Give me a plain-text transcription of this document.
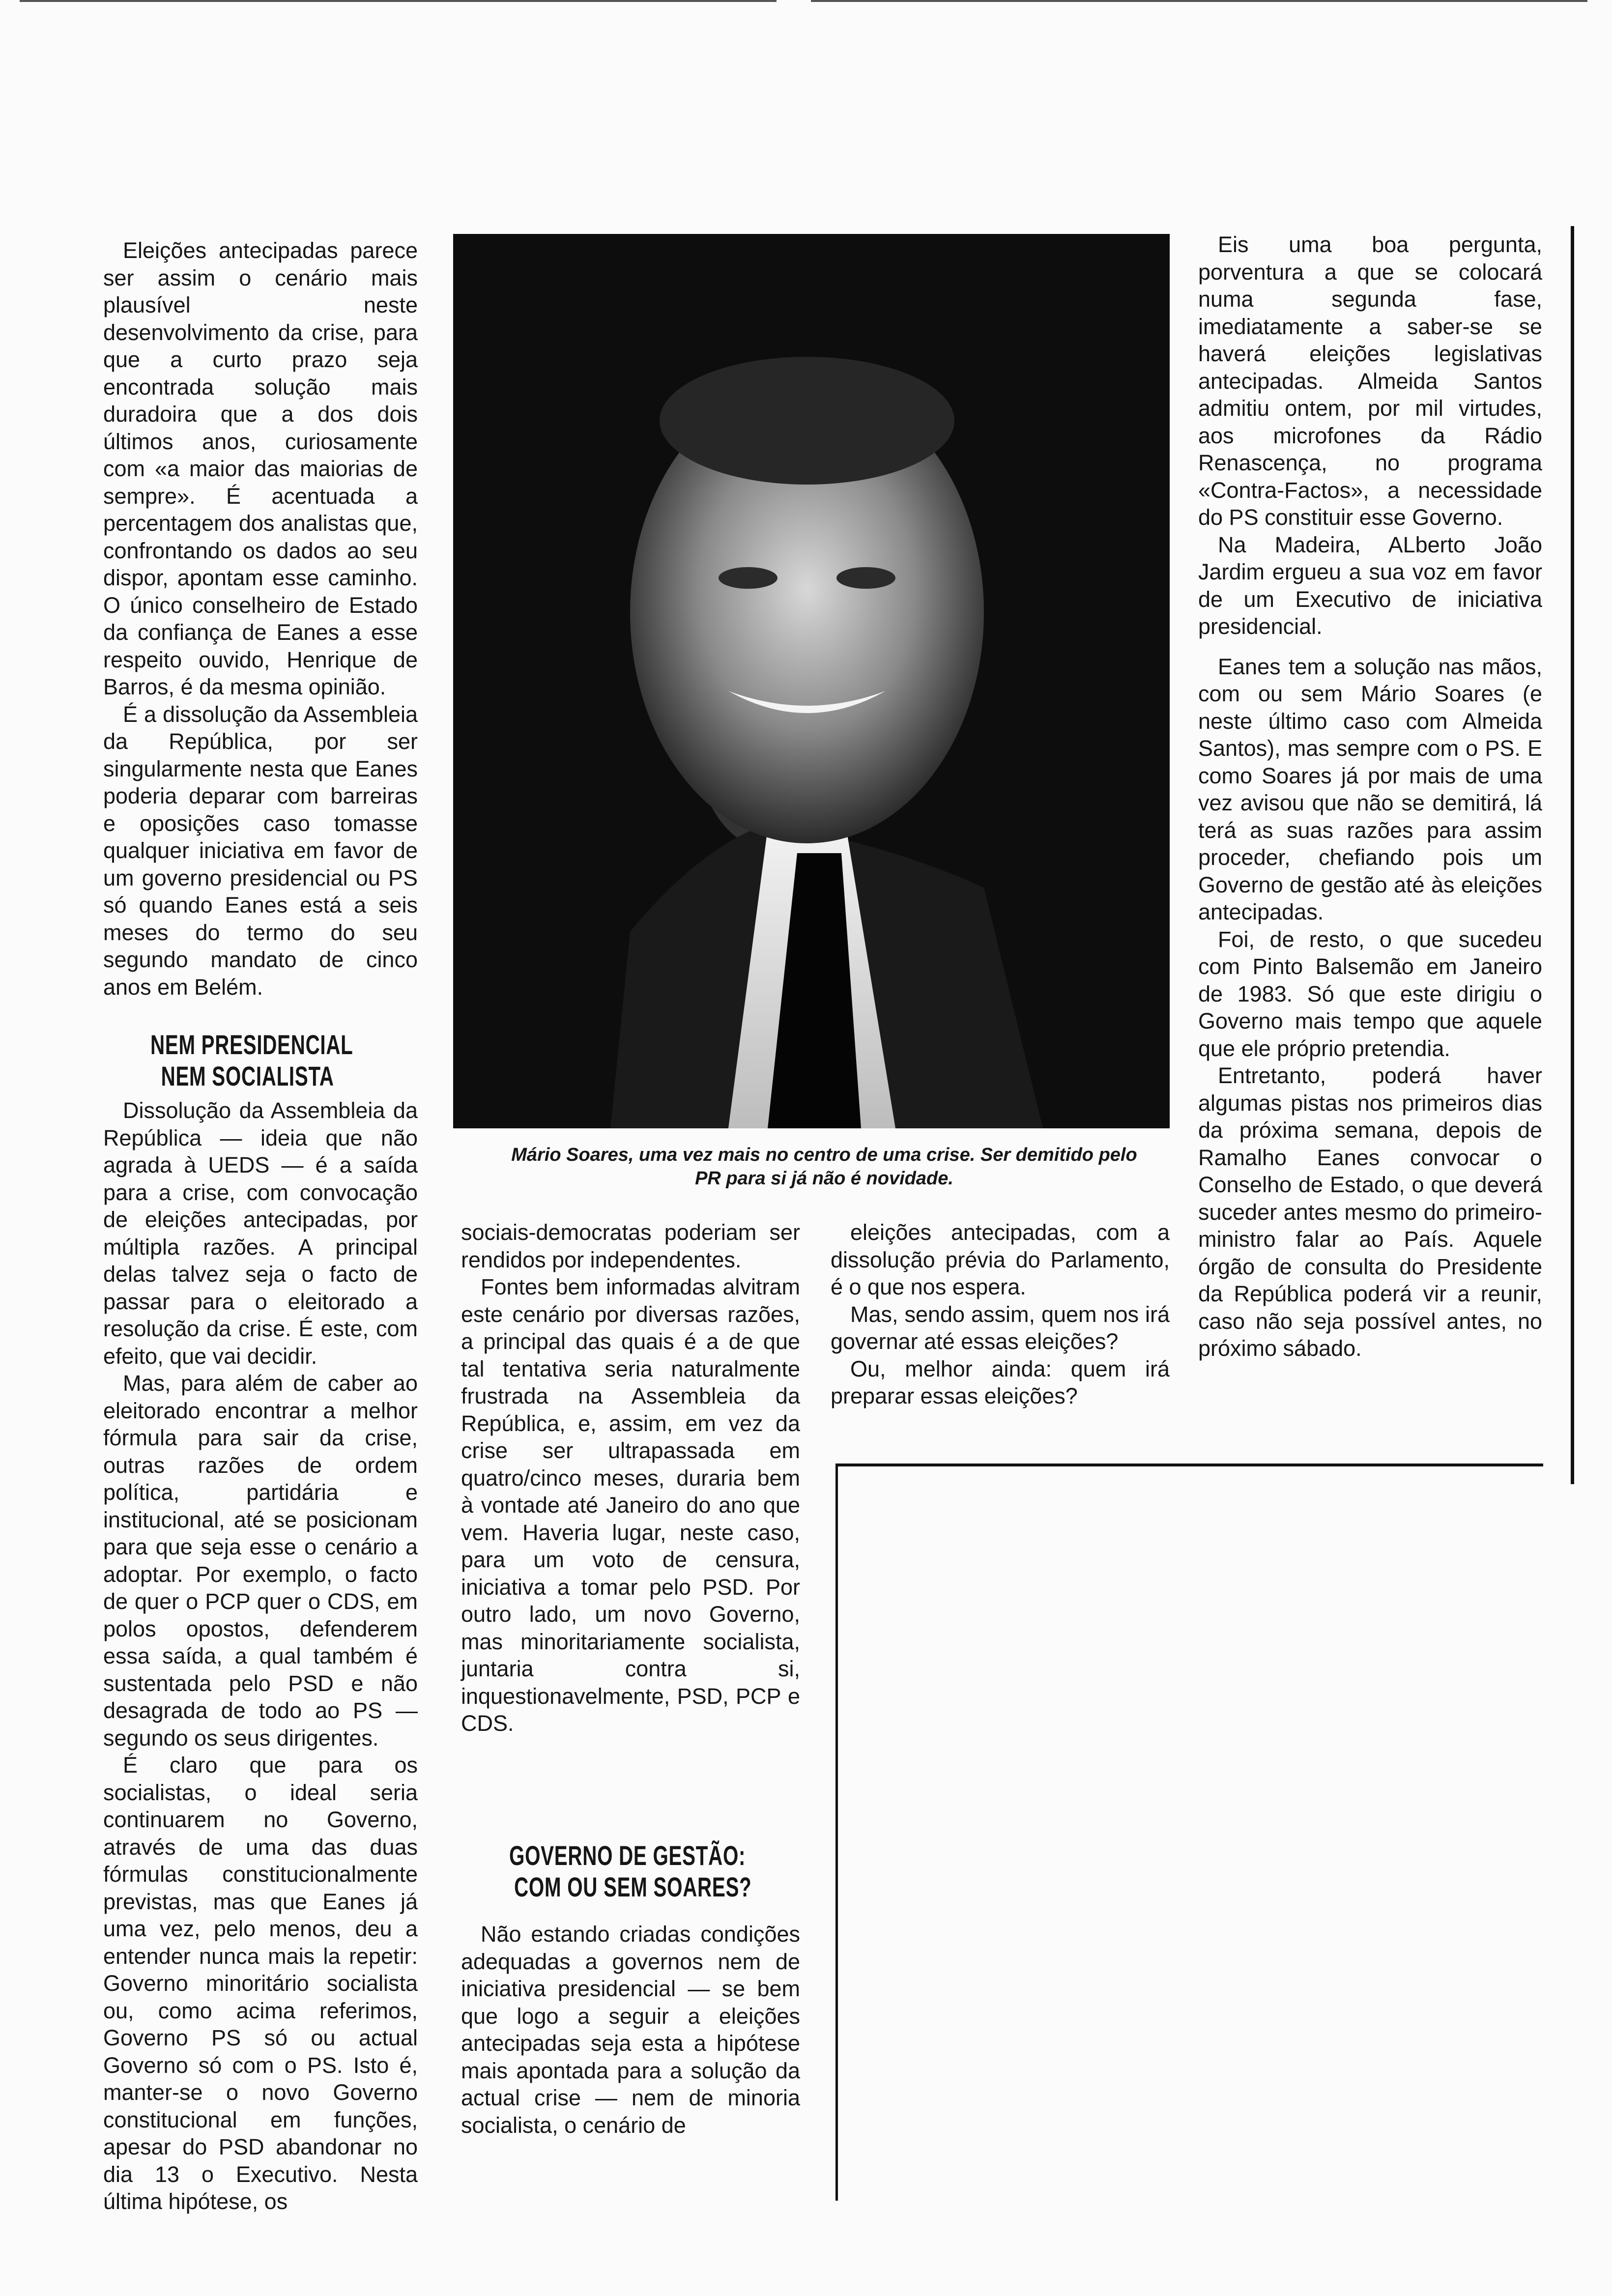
Eleições antecipadas parece ser assim o cenário mais plausível neste desenvolvimento da crise, para que a curto prazo seja encontrada solução mais duradoira que a dos dois últimos anos, curiosamente com «a maior das maiorias de sempre». É acentuada a percentagem dos analistas que, confrontando os dados ao seu dispor, apontam esse caminho. O único conselheiro de Estado da confiança de Eanes a esse respeito ouvido, Henrique de Barros, é da mesma opinião.

É a dissolução da Assembleia da República, por ser singularmente nesta que Eanes poderia deparar com barreiras e oposições caso tomasse qualquer iniciativa em favor de um governo presidencial ou PS só quando Eanes está a seis meses do termo do seu segundo mandato de cinco anos em Belém.

NEM PRESIDENCIAL
NEM SOCIALISTA

Dissolução da Assembleia da República — ideia que não agrada à UEDS — é a saída para a crise, com convocação de eleições antecipadas, por múltipla razões. A principal delas talvez seja o facto de passar para o eleitorado a resolução da crise. É este, com efeito, que vai decidir.

Mas, para além de caber ao eleitorado encontrar a melhor fórmula para sair da crise, outras razões de ordem política, partidária e institucional, até se posicionam para que seja esse o cenário a adoptar. Por exemplo, o facto de quer o PCP quer o CDS, em polos opostos, defenderem essa saída, a qual também é sustentada pelo PSD e não desagrada de todo ao PS — segundo os seus dirigentes.

É claro que para os socialistas, o ideal seria continuarem no Governo, através de uma das duas fórmulas constitucionalmente previstas, mas que Eanes já uma vez, pelo menos, deu a entender nunca mais la repetir: Governo minoritário socialista ou, como acima referimos, Governo PS só ou actual Governo só com o PS. Isto é, manter-se o novo Governo constitucional em funções, apesar do PSD abandonar no dia 13 o Executivo. Nesta última hipótese, os

Mário Soares, uma vez mais no centro de uma crise. Ser demitido pelo PR para si já não é novidade.

sociais-democratas poderiam ser rendidos por independentes.

Fontes bem informadas alvitram este cenário por diversas razões, a principal das quais é a de que tal tentativa seria naturalmente frustrada na Assembleia da República, e, assim, em vez da crise ser ultrapassada em quatro/cinco meses, duraria bem à vontade até Janeiro do ano que vem. Haveria lugar, neste caso, para um voto de censura, iniciativa a tomar pelo PSD. Por outro lado, um novo Governo, mas minoritariamente socialista, juntaria contra si, inquestionavelmente, PSD, PCP e CDS.

GOVERNO DE GESTÃO:
COM OU SEM SOARES?

Não estando criadas condições adequadas a governos nem de iniciativa presidencial — se bem que logo a seguir a eleições antecipadas seja esta a hipótese mais apontada para a solução da actual crise — nem de minoria socialista, o cenário de

eleições antecipadas, com a dissolução prévia do Parlamento, é o que nos espera.

Mas, sendo assim, quem nos irá governar até essas eleições?

Ou, melhor ainda: quem irá preparar essas eleições?

Eis uma boa pergunta, porventura a que se colocará numa segunda fase, imediatamente a saber-se se haverá eleições legislativas antecipadas. Almeida Santos admitiu ontem, por mil virtudes, aos microfones da Rádio Renascença, no programa «Contra-Factos», a necessidade do PS constituir esse Governo.

Na Madeira, ALberto João Jardim ergueu a sua voz em favor de um Executivo de iniciativa presidencial.

Eanes tem a solução nas mãos, com ou sem Mário Soares (e neste último caso com Almeida Santos), mas sempre com o PS. E como Soares já por mais de uma vez avisou que não se demitirá, lá terá as suas razões para assim proceder, chefiando pois um Governo de gestão até às eleições antecipadas.

Foi, de resto, o que sucedeu com Pinto Balsemão em Janeiro de 1983. Só que este dirigiu o Governo mais tempo que aquele que ele próprio pretendia.

Entretanto, poderá haver algumas pistas nos primeiros dias da próxima semana, depois de Ramalho Eanes convocar o Conselho de Estado, o que deverá suceder antes mesmo do primeiro-ministro falar ao País. Aquele órgão de consulta do Presidente da República poderá vir a reunir, caso não seja possível antes, no próximo sábado.
